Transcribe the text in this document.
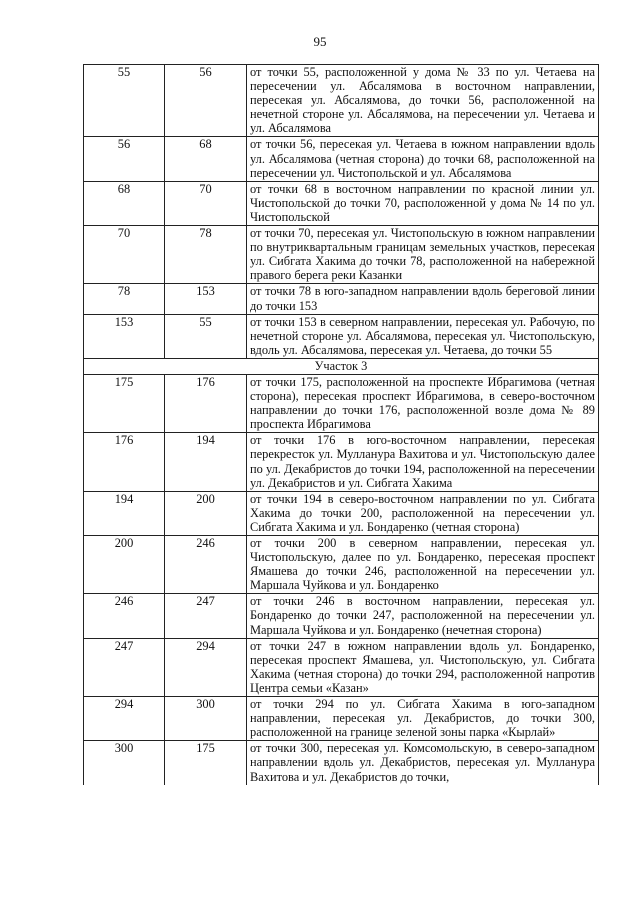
95
55	56	от точки 55, расположенной у дома № 33 по ул. Четаева на пересечении ул. Абсалямова в восточном направлении, пересекая ул. Абсалямова, до точки 56, расположенной на нечетной стороне ул. Абсалямова, на пересечении ул. Четаева и ул. Абсалямова
56	68	от точки 56, пересекая ул. Четаева в южном направлении вдоль ул. Абсалямова (четная сторона) до точки 68, расположенной на пересечении ул. Чистопольской и ул. Абсалямова
68	70	от точки 68 в восточном направлении по красной линии ул. Чистопольской до точки 70, расположенной у дома № 14 по ул. Чистопольской
70	78	от точки 70, пересекая ул. Чистопольскую в южном направлении по внутриквартальным границам земельных участков, пересекая ул. Сибгата Хакима до точки 78, расположенной на набережной правого берега реки Казанки
78	153	от точки 78 в юго-западном направлении вдоль береговой линии до точки 153
153	55	от точки 153 в северном направлении, пересекая ул. Рабочую, по нечетной стороне ул. Абсалямова, пересекая ул. Чистопольскую, вдоль ул. Абсалямова, пересекая ул. Четаева, до точки 55
Участок 3		
175	176	от точки 175, расположенной на проспекте Ибрагимова (четная сторона), пересекая проспект Ибрагимова, в северо-восточном направлении до точки 176, расположенной возле дома № 89 проспекта Ибрагимова
176	194	от точки 176 в юго-восточном направлении, пересекая перекресток ул. Мулланура Вахитова и ул. Чистопольскую далее по ул. Декабристов до точки 194, расположенной на пересечении ул. Декабристов и ул. Сибгата Хакима
194	200	от точки 194 в северо-восточном направлении по ул. Сибгата Хакима до точки 200, расположенной на пересечении ул. Сибгата Хакима и ул. Бондаренко (четная сторона)
200	246	от точки 200 в северном направлении, пересекая ул. Чистопольскую, далее по ул. Бондаренко, пересекая проспект Ямашева до точки 246, расположенной на пересечении ул. Маршала Чуйкова и ул. Бондаренко
246	247	от точки 246 в восточном направлении, пересекая ул. Бондаренко до точки 247, расположенной на пересечении ул. Маршала Чуйкова и ул. Бондаренко (нечетная сторона)
247	294	от точки 247 в южном направлении вдоль ул. Бондаренко, пересекая проспект Ямашева, ул. Чистопольскую, ул. Сибгата Хакима (четная сторона) до точки 294, расположенной напротив Центра семьи «Казан»
294	300	от точки 294 по ул. Сибгата Хакима в юго-западном направлении, пересекая ул. Декабристов, до точки 300, расположенной на границе зеленой зоны парка «Кырлай»
300	175	от точки 300, пересекая ул. Комсомольскую, в северо-западном направлении вдоль ул. Декабристов, пересекая ул. Мулланура Вахитова и ул. Декабристов до точки,
